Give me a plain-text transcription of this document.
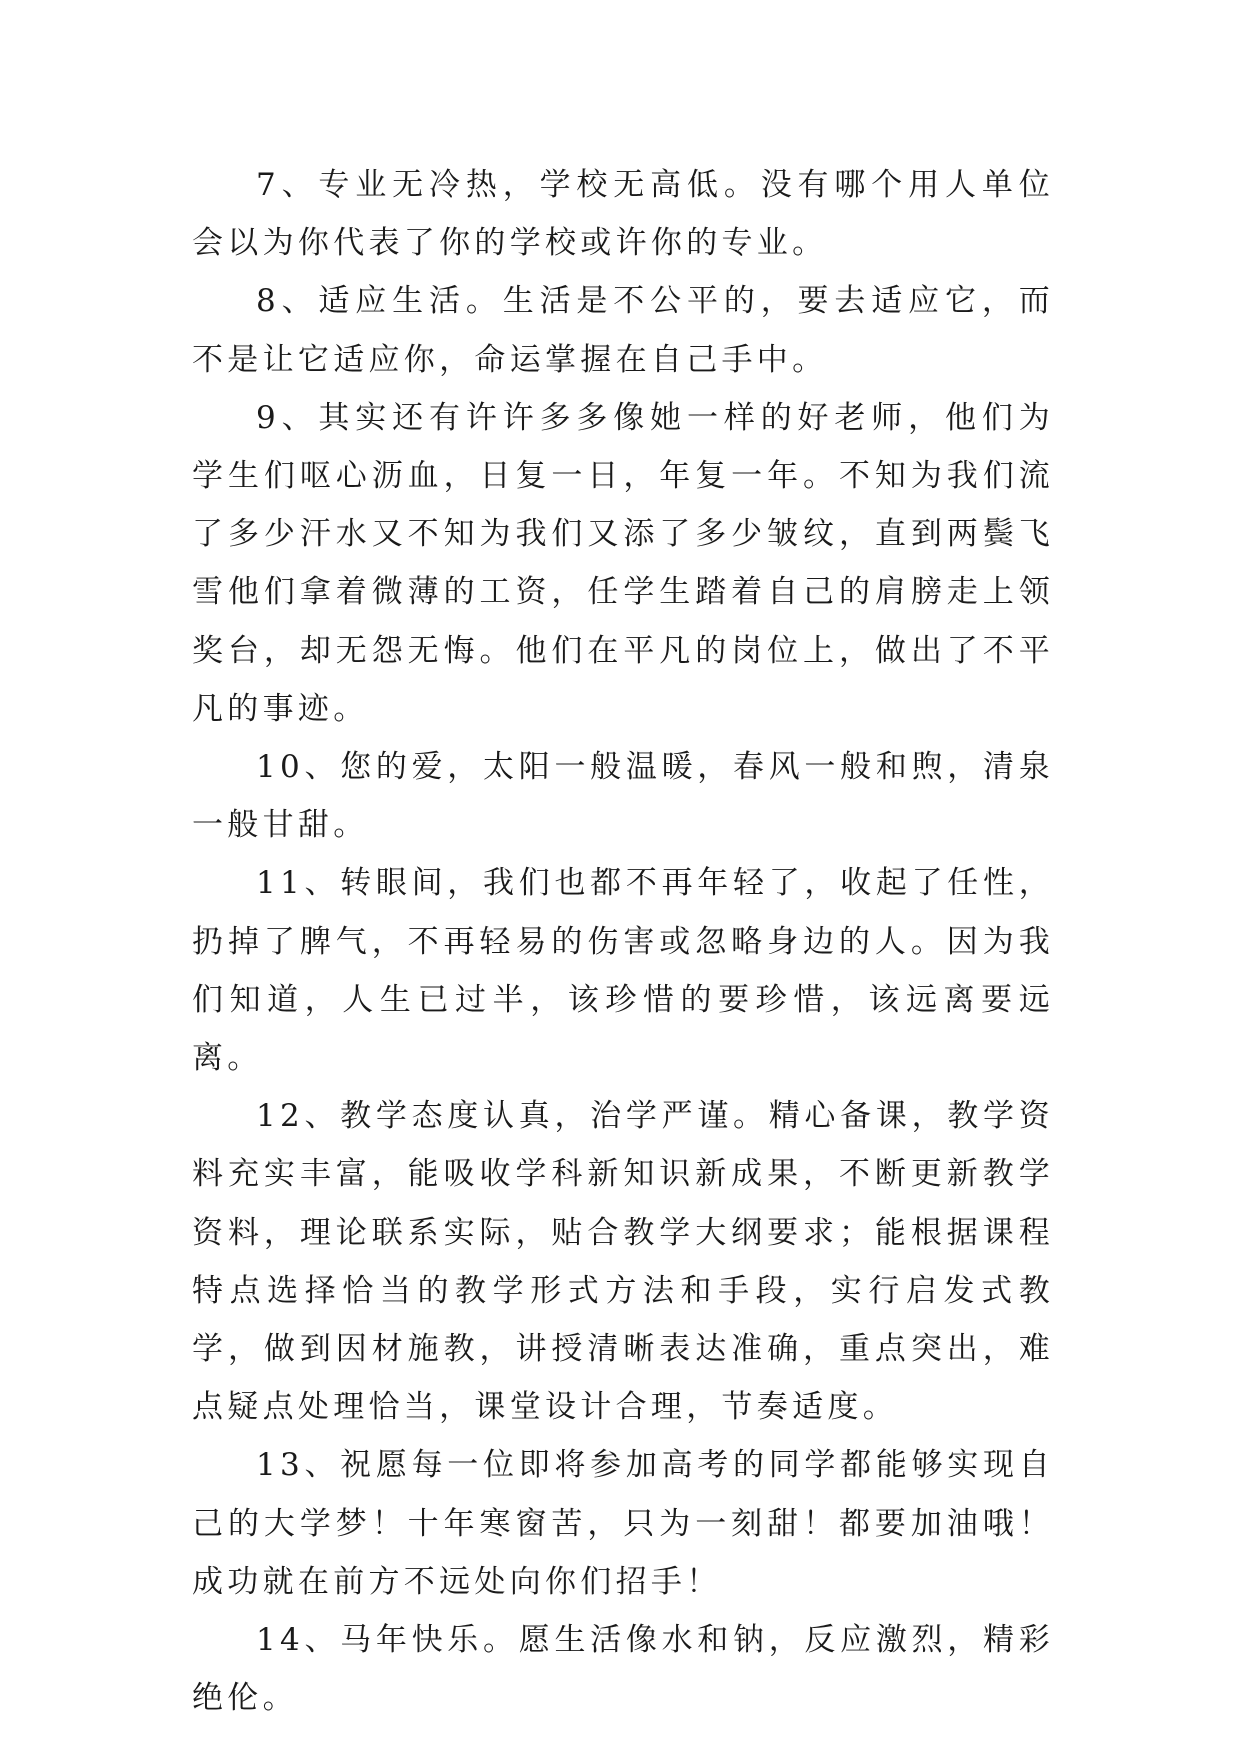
7、专业无冷热，学校无高低。没有哪个用人单位会以为你代表了你的学校或许你的专业。

8、适应生活。生活是不公平的，要去适应它，而不是让它适应你，命运掌握在自己手中。

9、其实还有许许多多像她一样的好老师，他们为学生们呕心沥血，日复一日，年复一年。不知为我们流了多少汗水又不知为我们又添了多少皱纹，直到两鬓飞雪他们拿着微薄的工资，任学生踏着自己的肩膀走上领奖台，却无怨无悔。他们在平凡的岗位上，做出了不平凡的事迹。

10、您的爱，太阳一般温暖，春风一般和煦，清泉一般甘甜。

11、转眼间，我们也都不再年轻了，收起了任性，扔掉了脾气，不再轻易的伤害或忽略身边的人。因为我们知道，人生已过半，该珍惜的要珍惜，该远离要远离。

12、教学态度认真，治学严谨。精心备课，教学资料充实丰富，能吸收学科新知识新成果，不断更新教学资料，理论联系实际，贴合教学大纲要求；能根据课程特点选择恰当的教学形式方法和手段，实行启发式教学，做到因材施教，讲授清晰表达准确，重点突出，难点疑点处理恰当，课堂设计合理，节奏适度。

13、祝愿每一位即将参加高考的同学都能够实现自己的大学梦！十年寒窗苦，只为一刻甜！都要加油哦！成功就在前方不远处向你们招手！

14、马年快乐。愿生活像水和钠，反应激烈，精彩绝伦。
